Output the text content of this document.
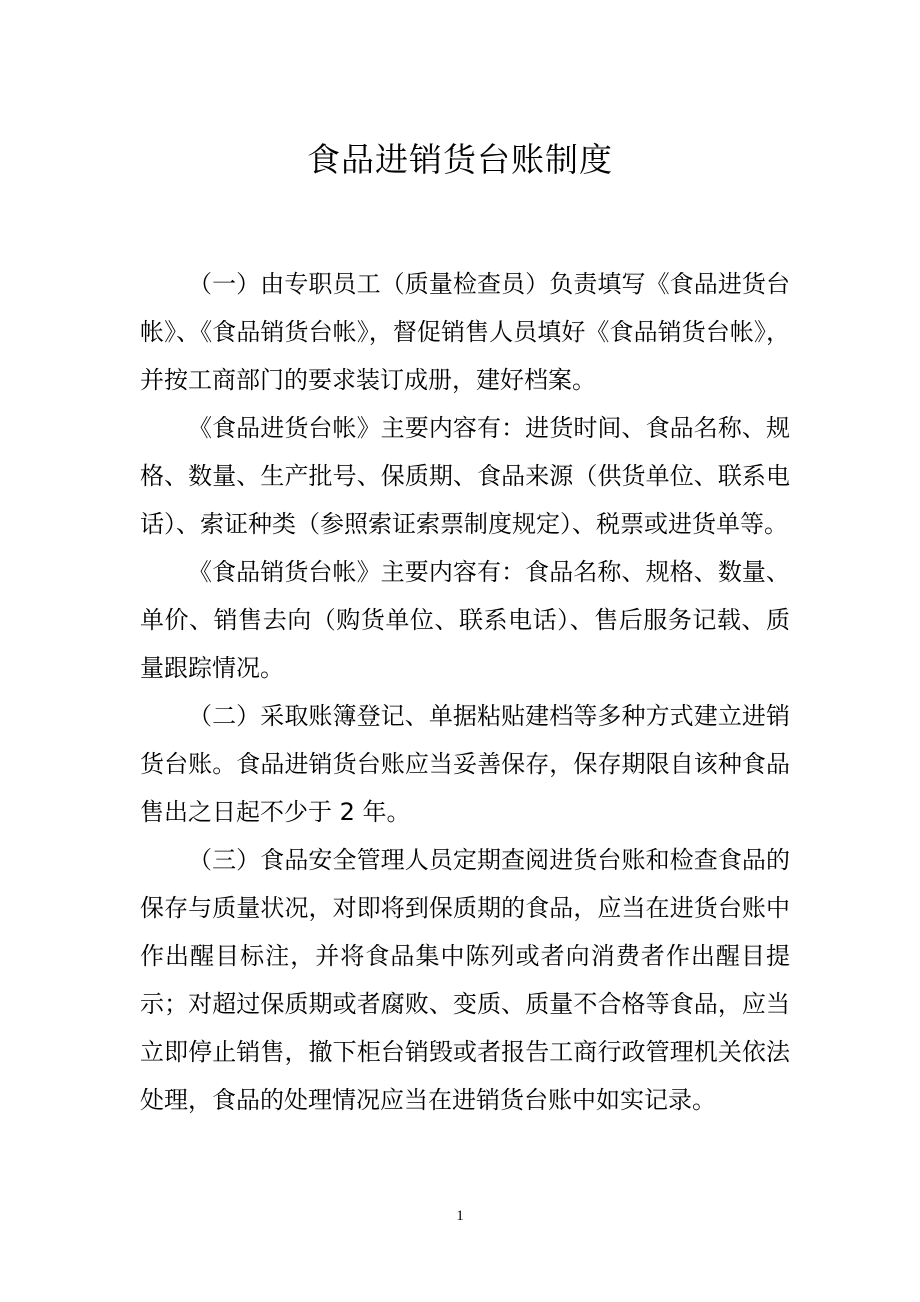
食品进销货台账制度

（一）由专职员工（质量检查员）负责填写《食品进货台帐》、《食品销货台帐》，督促销售人员填好《食品销货台帐》，并按工商部门的要求装订成册，建好档案。

《食品进货台帐》主要内容有：进货时间、食品名称、规格、数量、生产批号、保质期、食品来源（供货单位、联系电话）、索证种类（参照索证索票制度规定）、税票或进货单等。

《食品销货台帐》主要内容有：食品名称、规格、数量、单价、销售去向（购货单位、联系电话）、售后服务记载、质量跟踪情况。

（二）采取账簿登记、单据粘贴建档等多种方式建立进销货台账。食品进销货台账应当妥善保存，保存期限自该种食品售出之日起不少于 2 年。

（三）食品安全管理人员定期查阅进货台账和检查食品的保存与质量状况，对即将到保质期的食品，应当在进货台账中作出醒目标注，并将食品集中陈列或者向消费者作出醒目提示；对超过保质期或者腐败、变质、质量不合格等食品，应当立即停止销售，撤下柜台销毁或者报告工商行政管理机关依法处理，食品的处理情况应当在进销货台账中如实记录。

1
